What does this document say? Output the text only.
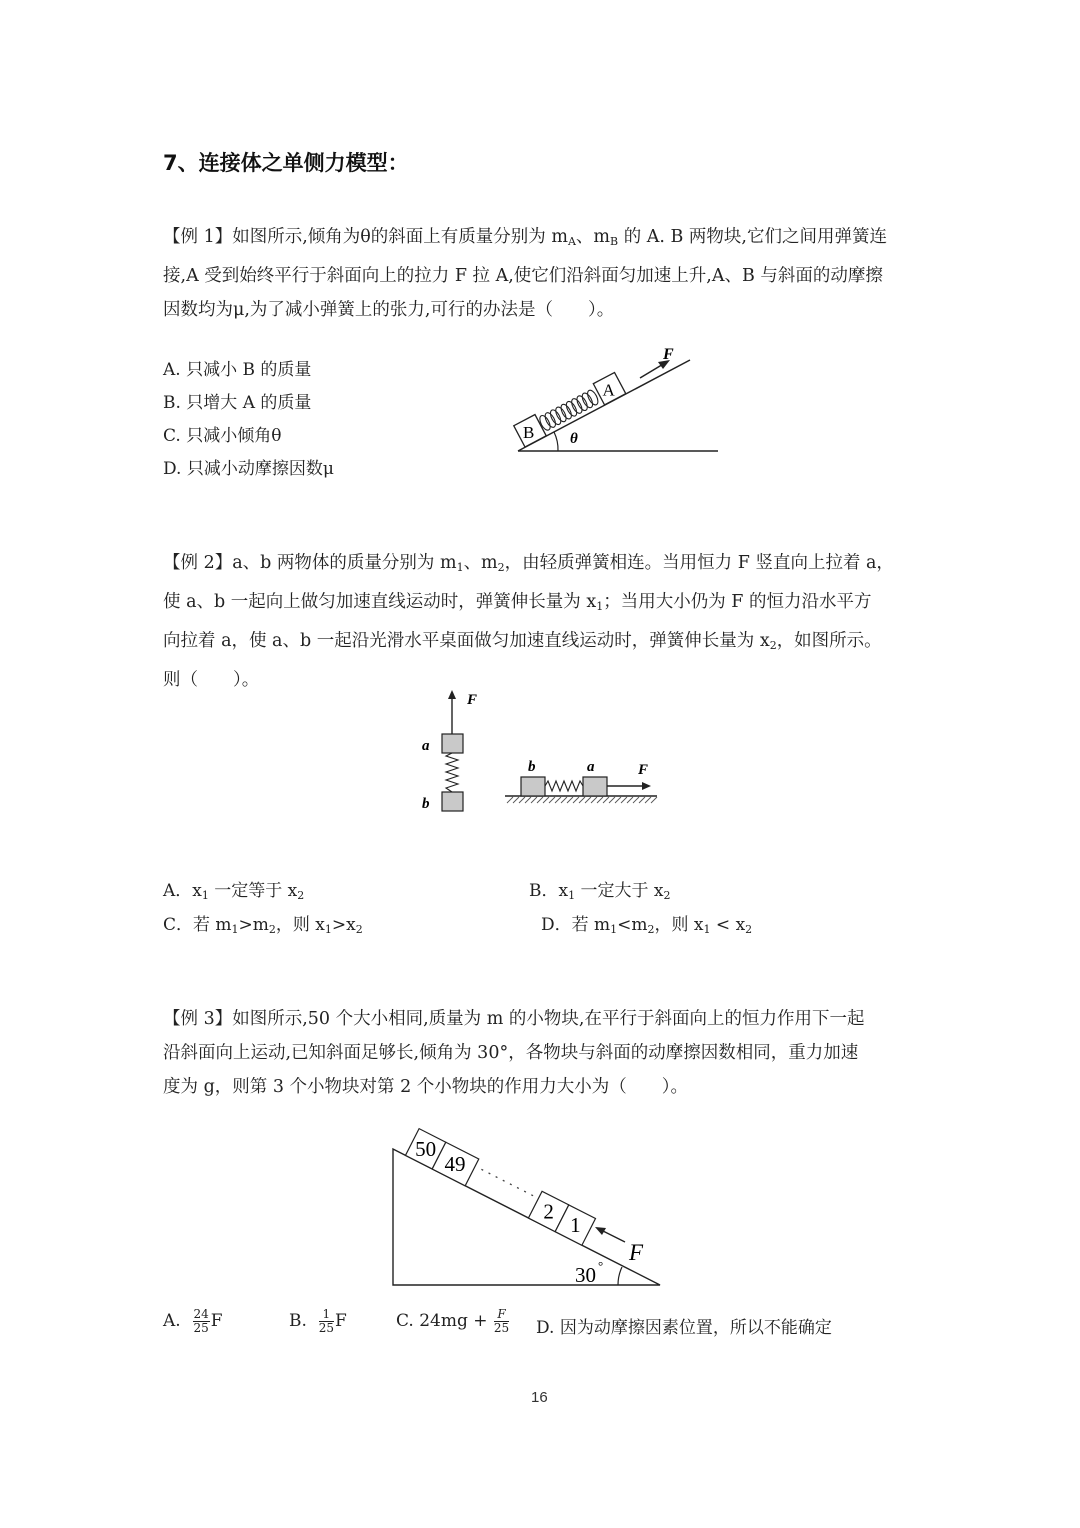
7、连接体之单侧力模型：
【例 1】如图所示,倾角为θ的斜面上有质量分别为 $m_A$、$m_B$ 的 A. B 两物块,它们之间用弹簧连
接,A 受到始终平行于斜面向上的拉力 F 拉 A,使它们沿斜面匀加速上升,A、B 与斜面的动摩擦
因数均为μ,为了减小弹簧上的张力,可行的办法是（　　）。
A. 只减小 B 的质量
B. 只增大 A 的质量
C. 只减小倾角θ
D. 只减小动摩擦因数μ
B
A
F
θ
【例 2】a、b 两物体的质量分别为 $m_1$、$m_2$，由轻质弹簧相连。当用恒力 F 竖直向上拉着 a，
使 a、b 一起向上做匀加速直线运动时，弹簧伸长量为 $x_1$；当用大小仍为 F 的恒力沿水平方
向拉着 a，使 a、b 一起沿光滑水平桌面做匀加速直线运动时，弹簧伸长量为 $x_2$，如图所示。
则（　　）。
F
a
b
b	a	F
A．$x_1$ 一定等于 $x_2$	B．$x_1$ 一定大于 $x_2$
C．若 $m_1>m_2$，则 $x_1>x_2$	D．若 $m_1<m_2$，则 $x_1 < x_2$
【例 3】如图所示,50 个大小相同,质量为 m 的小物块,在平行于斜面向上的恒力作用下一起
沿斜面向上运动,已知斜面足够长,倾角为 30°，各物块与斜面的动摩擦因数相同，重力加速
度为 g，则第 3 个小物块对第 2 个小物块的作用力大小为（　　）。
50
49
2
1
F
30 °
A. $\frac{24}{25}$ F	B. $\frac{1}{25}$ F	C. $24mg + \frac{F}{25} D$. 因为动摩擦因素位置，所以不能确定
16
